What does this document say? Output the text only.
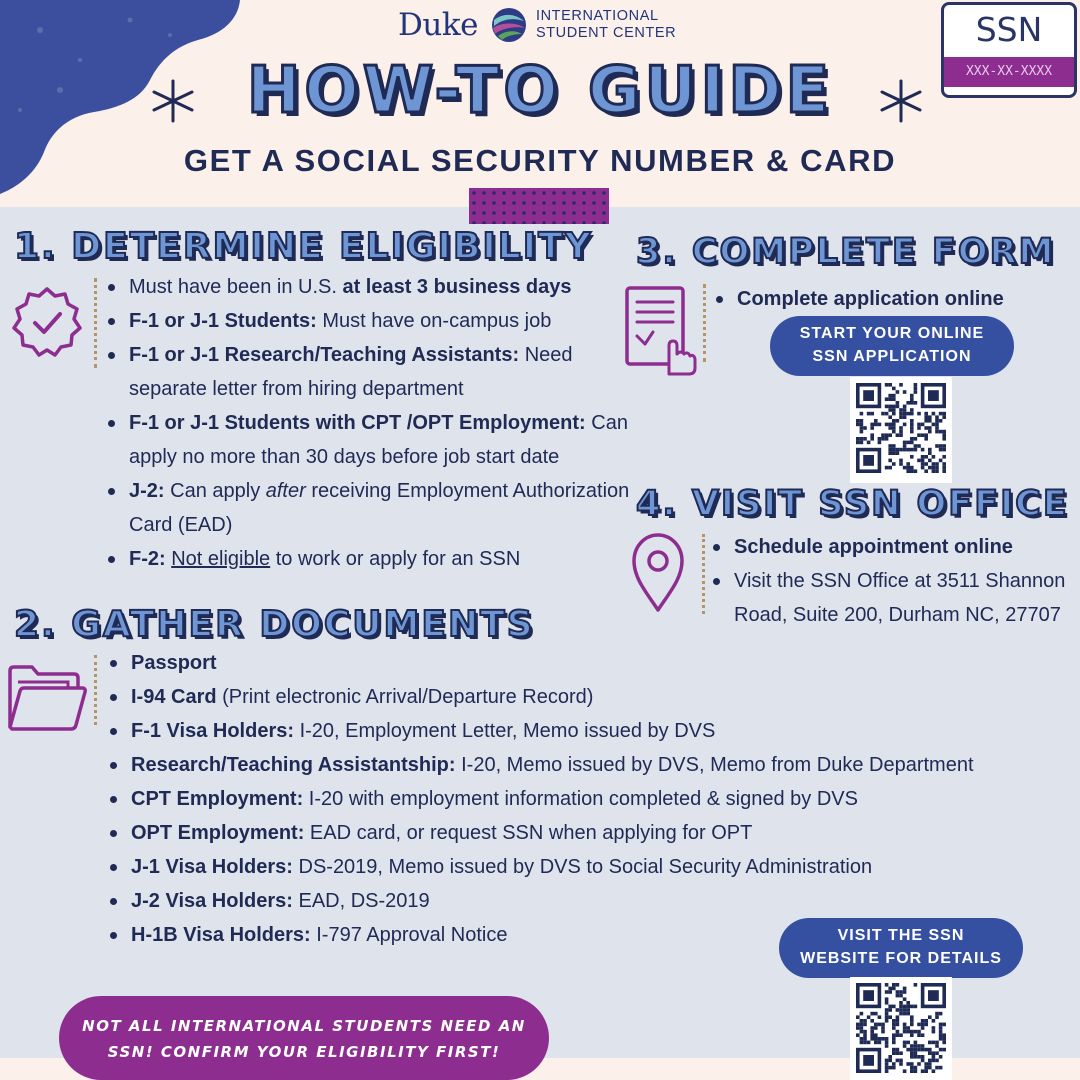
Duke	INTERNATIONAL
STUDENT CENTER	SSN
XXX-XX-XXXX
HOW-TO GUIDE
GET A SOCIAL SECURITY NUMBER & CARD
1. DETERMINE ELIGIBILITY
Must have been in U.S. at least 3 business days
F-1 or J-1 Students: Must have on-campus job
F-1 or J-1 Research/Teaching Assistants: Need separate letter from hiring department
F-1 or J-1 Students with CPT /OPT Employment: Can apply no more than 30 days before job start date
J-2: Can apply after receiving Employment Authorization Card (EAD)
F-2: Not eligible to work or apply for an SSN
2. GATHER DOCUMENTS
Passport
I-94 Card (Print electronic Arrival/Departure Record)
F-1 Visa Holders: I-20, Employment Letter, Memo issued by DVS
Research/Teaching Assistantship: I-20, Memo issued by DVS, Memo from Duke Department
CPT Employment: I-20 with employment information completed & signed by DVS
OPT Employment: EAD card, or request SSN when applying for OPT
J-1 Visa Holders: DS-2019, Memo issued by DVS to Social Security Administration
J-2 Visa Holders: EAD, DS-2019
H-1B Visa Holders: I-797 Approval Notice
3. COMPLETE FORM
Complete application online
START YOUR ONLINE
SSN APPLICATION
4. VISIT SSN OFFICE
Schedule appointment online
Visit the SSN Office at 3511 Shannon Road, Suite 200, Durham NC, 27707
VISIT THE SSN
WEBSITE FOR DETAILS
NOT ALL INTERNATIONAL STUDENTS NEED AN
SSN! CONFIRM YOUR ELIGIBILITY FIRST!
